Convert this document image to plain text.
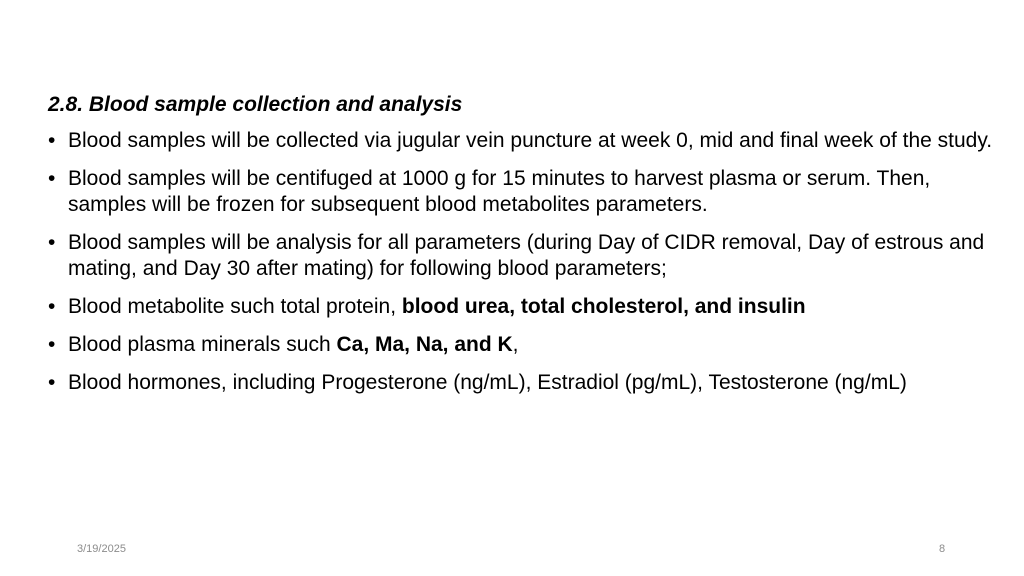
2.8. Blood sample collection and analysis
• Blood samples will be collected via jugular vein puncture at week 0, mid and final week of the study.
• Blood samples will be centifuged at 1000 g for 15 minutes to harvest plasma or serum. Then, samples will be frozen for subsequent blood metabolites parameters.
• Blood samples will be analysis for all parameters (during Day of CIDR removal, Day of estrous and mating, and Day 30 after mating) for following blood parameters;
• Blood metabolite such total protein, blood urea, total cholesterol, and insulin
• Blood plasma minerals such Ca, Ma, Na, and K,
• Blood hormones, including Progesterone (ng/mL), Estradiol (pg/mL), Testosterone (ng/mL)
3/19/2025	8
